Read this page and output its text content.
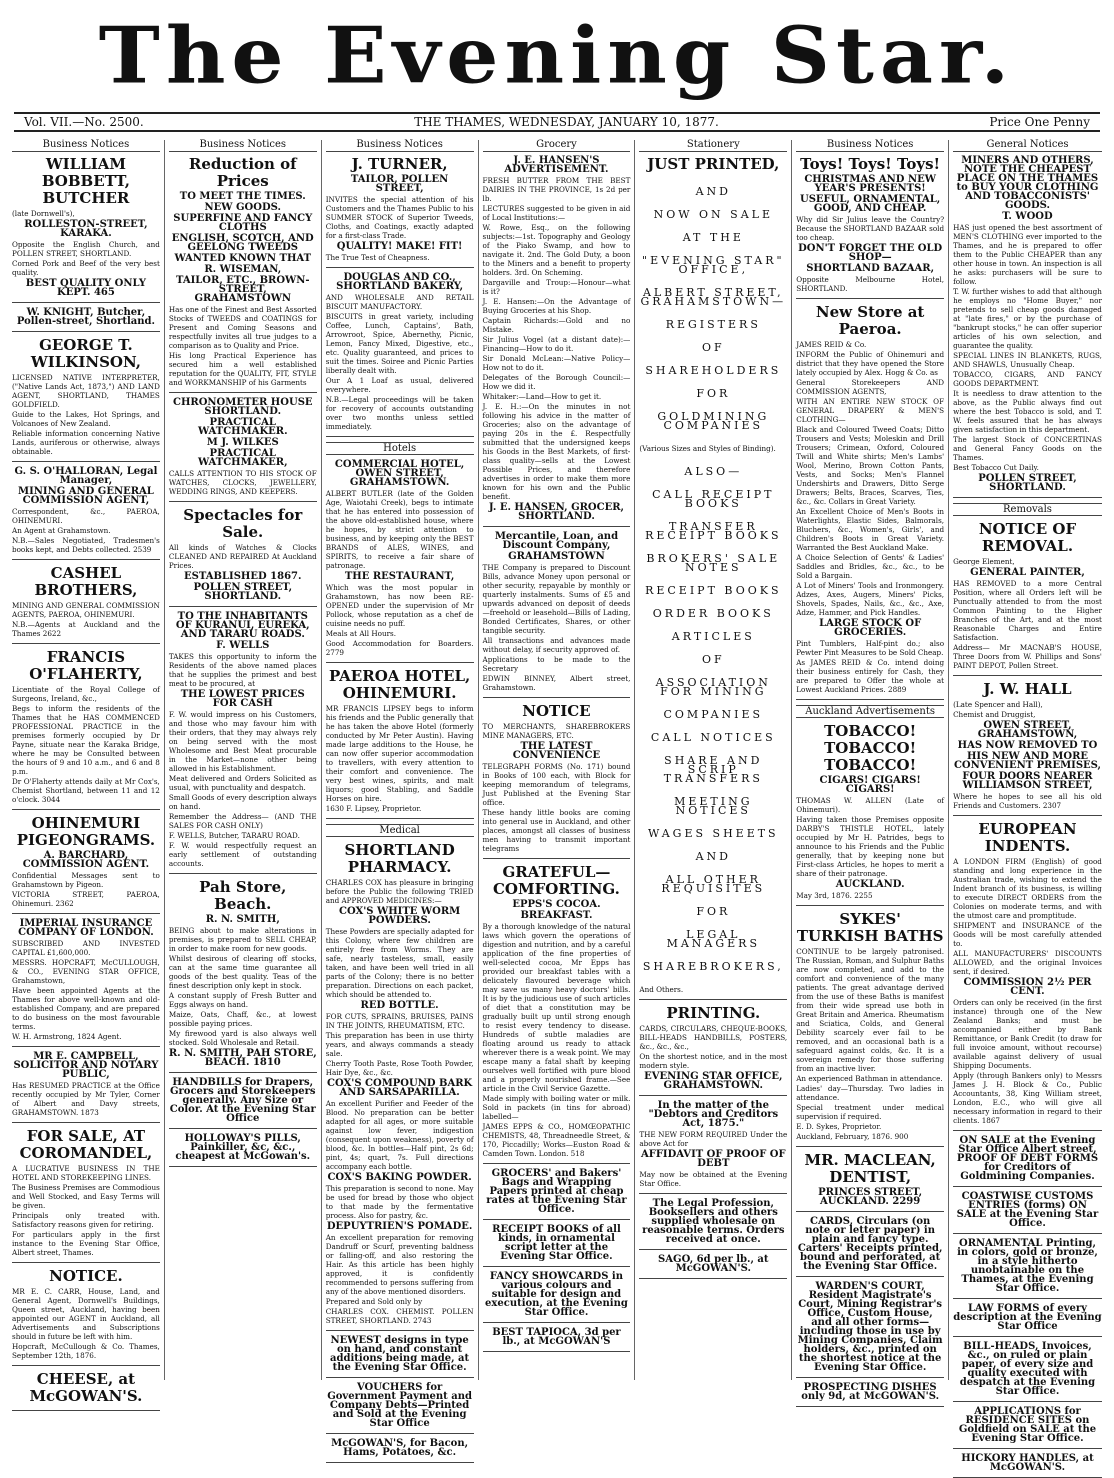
The Evening Star.
Vol. VII.—No. 2500.	THE THAMES, WEDNESDAY, JANUARY 10, 1877.	Price One Penny
Business Notices

WILLIAM BOBBETT, BUTCHER

(late Dornwell's),

ROLLESTON-STREET, KARAKA.

Opposite the English Church, and POLLEN STREET, SHORTLAND.

Corned Pork and Beef of the very best quality.

BEST QUALITY ONLY KEPT. 465

W. KNIGHT, Butcher, Pollen-street, Shortland.

GEORGE T. WILKINSON,

LICENSED NATIVE INTERPRETER, ("Native Lands Act, 1873,") AND LAND AGENT, SHORTLAND, THAMES GOLDFIELD.

Guide to the Lakes, Hot Springs, and Volcanoes of New Zealand.

Reliable information concerning Native Lands, auriferous or otherwise, always obtainable.

G. S. O'HALLORAN, Legal Manager,

MINING AND GENERAL COMMISSION AGENT,

Correspondent, &c., PAEROA, OHINEMURI.

An Agent at Grahamstown.

N.B.—Sales Negotiated, Tradesmen's books kept, and Debts collected. 2539

CASHEL BROTHERS,

MINING AND GENERAL COMMISSION AGENTS, PAEROA, OHINEMURI.

N.B.—Agents at Auckland and the Thames 2622

FRANCIS O'FLAHERTY,

Licentiate of the Royal College of Surgeons, Ireland, &c.,

Begs to inform the residents of the Thames that he HAS COMMENCED PROFESSIONAL PRACTICE in the premises formerly occupied by Dr Payne, situate near the Karaka Bridge, where he may be Consulted between the hours of 9 and 10 a.m., and 6 and 8 p.m.

Dr O'Flaherty attends daily at Mr Cox's, Chemist Shortland, between 11 and 12 o'clock. 3044

OHINEMURI PIGEONGRAMS.

A. BARCHARD, COMMISSION AGENT.

Confidential Messages sent to Grahamstown by Pigeon.

VICTORIA STREET, PAEROA, Ohinemuri. 2362

IMPERIAL INSURANCE COMPANY OF LONDON.

SUBSCRIBED AND INVESTED CAPITAL £1,600,000.

MESSRS. HOPCRAFT, McCULLOUGH, & CO., EVENING STAR OFFICE, Grahamstown,

Have been appointed Agents at the Thames for above well-known and old-established Company, and are prepared to do business on the most favourable terms.

W. H. Armstrong, 1824 Agent.

MR E. CAMPBELL, SOLICITOR AND NOTARY PUBLIC,

Has RESUMED PRACTICE at the Office recently occupied by Mr Tyler, Corner of Albert and Davy streets, GRAHAMSTOWN. 1873

FOR SALE, AT COROMANDEL,

A LUCRATIVE BUSINESS IN THE HOTEL AND STOREKEEPING LINES.

The Business Premises are Commodious and Well Stocked, and Easy Terms will be given.

Principals only treated with. Satisfactory reasons given for retiring.

For particulars apply in the first instance to the Evening Star Office, Albert street, Thames.

NOTICE.

MR E. C. CARR, House, Land, and General Agent, Dornwell's Buildings, Queen street, Auckland, having been appointed our AGENT in Auckland, all Advertisements and Subscriptions should in future be left with him.

Hopcraft, McCullough & Co. Thames, September 12th, 1876.

CHEESE, at McGOWAN'S.

Business Notices

Reduction of Prices

TO MEET THE TIMES.

NEW GOODS.

SUPERFINE AND FANCY CLOTHS

ENGLISH, SCOTCH, AND GEELONG TWEEDS

WANTED KNOWN THAT

R. WISEMAN,

TAILOR, ETC., BROWN-STREET, GRAHAMSTOWN

Has one of the Finest and Best Assorted Stocks of TWEEDS and COATINGS for Present and Coming Seasons and respectfully invites all true judges to a comparison as to Quality and Price.

His long Practical Experience has secured him a well established reputation for the QUALITY, FIT, STYLE and WORKMANSHIP of his Garments

CHRONOMETER HOUSE SHORTLAND.

PRACTICAL WATCHMAKER.

M J. WILKES

PRACTICAL WATCHMAKER,

CALLS ATTENTION TO HIS STOCK OF WATCHES, CLOCKS, JEWELLERY, WEDDING RINGS, AND KEEPERS.

Spectacles for Sale.

All kinds of Watches & Clocks CLEANED AND REPAIRED At Auckland Prices.

ESTABLISHED 1867.

POLLEN STREET, SHORTLAND.

TO THE INHABITANTS OF KURANUI, EUREKA, AND TARARU ROADS.

F. WELLS

TAKES this opportunity to inform the Residents of the above named places that he supplies the primest and best meat to be procured, at

THE LOWEST PRICES FOR CASH

F. W. would impress on his Customers, and those who may favour him with their orders, that they may always rely on being served with the most Wholesome and Best Meat procurable in the Market—none other being allowed in his Establishment.

Meat delivered and Orders Solicited as usual, with punctuality and despatch.

Small Goods of every description always on hand.

Remember the Address— (AND THE SALES FOR CASH ONLY)

F. WELLS, Butcher, TARARU ROAD.

F. W. would respectfully request an early settlement of outstanding accounts.

Pah Store, Beach.

R. N. SMITH,

BEING about to make alterations in premises, is prepared to SELL CHEAP, in order to make room for new goods.

Whilst desirous of clearing off stocks, can at the same time guarantee all goods of the best quality. Teas of the finest description only kept in stock.

A constant supply of Fresh Butter and Eggs always on hand.

Maize, Oats, Chaff, &c., at lowest possible paying prices.

My firewood yard is also always well stocked. Sold Wholesale and Retail.

R. N. SMITH, PAH STORE, BEACH. 1810

HANDBILLS for Drapers, Grocers and Storekeepers generally. Any Size or Color. At the Evening Star Office

HOLLOWAY'S PILLS, Painkiller, &c, &c., cheapest at McGowan's.

Business Notices

J. TURNER,

TAILOR, POLLEN STREET,

INVITES the special attention of his Customers and the Thames Public to his SUMMER STOCK of Superior Tweeds, Cloths, and Coatings, exactly adapted for a first-class Trade.

QUALITY! MAKE! FIT!

The True Test of Cheapness.

DOUGLAS AND CO., SHORTLAND BAKERY,

AND WHOLESALE AND RETAIL BISCUIT MANUFACTORY.

BISCUITS in great variety, including Coffee, Lunch, Captains', Bath, Arrowroot, Spice, Abernethy, Picnic, Lemon, Fancy Mixed, Digestive, etc., etc. Quality guaranteed, and prices to suit the times. Soiree and Picnic Parties liberally dealt with.

Our A 1 Loaf as usual, delivered everywhere.

N.B.—Legal proceedings will be taken for recovery of accounts outstanding over two months unless settled immediately.

Hotels

COMMERCIAL HOTEL, OWEN STREET, GRAHAMSTOWN.

ALBERT BUTLER (late of the Golden Age, Waiotahi Creek), begs to intimate that he has entered into possession of the above old-established house, where he hopes, by strict attention to business, and by keeping only the BEST BRANDS of ALES, WINES, and SPIRITS, to receive a fair share of patronage.

THE RESTAURANT,

Which was the most popular in Grahamstown, has now been RE-OPENED under the supervision of Mr Pollock, whose reputation as a chef de cuisine needs no puff.

Meals at All Hours.

Good Accommodation for Boarders. 2779

PAEROA HOTEL, OHINEMURI.

MR FRANCIS LIPSEY begs to inform his friends and the Public generally that he has taken the above Hotel (formerly conducted by Mr Peter Austin). Having made large additions to the House, he can now offer superior accommodation to travellers, with every attention to their comfort and convenience. The very best wines, spirits, and malt liquors; good Stabling, and Saddle Horses on hire.

1630 F. Lipsey, Proprietor.

Medical

SHORTLAND PHARMACY.

CHARLES COX has pleasure in bringing before the Public the following TRIED and APPROVED MEDICINES:—

COX'S WHITE WORM POWDERS.

These Powders are specially adapted for this Colony, where few children are entirely free from Worms. They are safe, nearly tasteless, small, easily taken, and have been well tried in all parts of the Colony; there is no better preparation. Directions on each packet, which should be attended to.

RED BOTTLE.

FOR CUTS, SPRAINS, BRUISES, PAINS IN THE JOINTS, RHEUMATISM, ETC.

This preparation has been in use thirty years, and always commands a steady sale.

Cherry Tooth Paste, Rose Tooth Powder, Hair Dye, &c., &c.

COX'S COMPOUND BARK AND SARSAPARILLA.

An excellent Purifier and Feeder of the Blood. No preparation can be better adapted for all ages, or more suitable against low fever, indigestion (consequent upon weakness), poverty of blood, &c. In bottles—Half pint, 2s 6d; pint, 4s; quart, 7s. Full directions accompany each bottle.

COX'S BAKING POWDER.

This preparation is second to none. May be used for bread by those who object to that made by the fermentative process. Also for pastry, &c.

DEPUYTRIEN'S POMADE.

An excellent preparation for removing Dandruff or Scurf, preventing baldness or falling-off, and also restoring the Hair. As this article has been highly approved, it is confidently recommended to persons suffering from any of the above mentioned disorders.

Prepared and Sold only by

CHARLES COX. CHEMIST. POLLEN STREET, SHORTLAND. 2743

NEWEST designs in type on hand, and constant additions being made, at the Evening Star Office.

VOUCHERS for Government Payment and Company Debts—Printed and Sold at the Evening Star Office

McGOWAN'S, for Bacon, Hams, Potatoes, &c.

Grocery

J. E. HANSEN'S ADVERTISEMENT.

FRESH BUTTER FROM THE BEST DAIRIES IN THE PROVINCE, 1s 2d per lb.

LECTURES suggested to be given in aid of Local Institutions:—

W. Rowe, Esq., on the following subjects:—1st. Topography and Geology of the Piako Swamp, and how to navigate it. 2nd. The Gold Duty, a boon to the Miners and a benefit to property holders. 3rd. On Scheming.

Dargaville and Troup:—Honour—what is it?

J. E. Hansen:—On the Advantage of Buying Groceries at his Shop.

Captain Richards:—Gold and no Mistake.

Sir Julius Vogel (at a distant date):—Financing—How to do it.

Sir Donald McLean:—Native Policy—How not to do it.

Delegates of the Borough Council:—How we did it.

Whitaker:—Land—How to get it.

J. E. H.:—On the minutes in not following his advice in the matter of Groceries; also on the advantage of paying 20s in the £. Respectfully submitted that the undersigned keeps his Goods in the Best Markets, of first-class quality—sells at the Lowest Possible Prices, and therefore advertises in order to make them more known for his own and the Public benefit.

J. E. HANSEN, GROCER, SHORTLAND.

Mercantile, Loan, and Discount Company,

GRAHAMSTOWN

THE Company is prepared to Discount Bills, advance Money upon personal or other security, repayable by monthly or quarterly instalments. Sums of £5 and upwards advanced on deposit of deeds—freehold or leasehold—Bills of Lading, Bonded Certificates, Shares, or other tangible security.

All transactions and advances made without delay, if security approved of.

Applications to be made to the Secretary

EDWIN BINNEY, Albert street, Grahamstown.

NOTICE

TO MERCHANTS, SHAREBROKERS MINE MANAGERS, ETC.

THE LATEST CONVENIENCE

TELEGRAPH FORMS (No. 171) bound in Books of 100 each, with Block for keeping memorandum of telegrams, Just Published at the Evening Star office.

These handy little books are coming into general use in Auckland, and other places, amongst all classes of business men having to transmit important telegrams

GRATEFUL—COMFORTING.

EPPS'S COCOA.

BREAKFAST.

By a thorough knowledge of the natural laws which govern the operations of digestion and nutrition, and by a careful application of the fine properties of well-selected cocoa, Mr Epps has provided our breakfast tables with a delicately flavoured beverage which may save us many heavy doctors' bills. It is by the judicious use of such articles of diet that a constitution may be gradually built up until strong enough to resist every tendency to disease. Hundreds of subtle maladies are floating around us ready to attack wherever there is a weak point. We may escape many a fatal shaft by keeping ourselves well fortified with pure blood and a properly nourished frame.—See article in the Civil Service Gazette.

Made simply with boiling water or milk. Sold in packets (in tins for abroad) labelled—

JAMES EPPS & CO., HOMŒOPATHIC CHEMISTS, 48, Threadneedle Street, & 170, Piccadilly; Works—Euston Road & Camden Town. London. 518

GROCERS' and Bakers' Bags and Wrapping Papers printed at cheap rates at the Evening Star Office.

RECEIPT BOOKS of all kinds, in ornamental script letter at the Evening Star Office.

FANCY SHOWCARDS in various colours and suitable for design and execution, at the Evening Star Office.

BEST TAPIOCA, 3d per lb., at McGOWAN'S

Stationery

JUST PRINTED,

AND

NOW ON SALE

AT THE

"EVENING STAR" OFFICE,

ALBERT STREET, GRAHAMSTOWN—

REGISTERS

OF

SHAREHOLDERS

FOR

GOLDMINING COMPANIES

(Various Sizes and Styles of Binding).

ALSO—

CALL RECEIPT BOOKS

TRANSFER RECEIPT BOOKS

BROKERS' SALE NOTES

RECEIPT BOOKS

ORDER BOOKS

ARTICLES

OF

ASSOCIATION FOR MINING

COMPANIES

CALL NOTICES

SHARE AND SCRIP TRANSFERS

MEETING NOTICES

WAGES SHEETS

AND

ALL OTHER REQUISITES

FOR

LEGAL MANAGERS

SHAREBROKERS,

And Others.

PRINTING.

CARDS, CIRCULARS, CHEQUE-BOOKS, BILL-HEADS HANDBILLS, POSTERS, &c., &c., &c.,

On the shortest notice, and in the most modern style.

EVENING STAR OFFICE, GRAHAMSTOWN.

In the matter of the "Debtors and Creditors Act, 1875."

THE NEW FORM REQUIRED Under the above Act for

AFFIDAVIT OF PROOF OF DEBT

May now be obtained at the Evening Star Office.

The Legal Profession, Booksellers and others supplied wholesale on reasonable terms. Orders received at once.

SAGO, 6d per lb., at McGOWAN'S.

Business Notices

Toys! Toys! Toys!

CHRISTMAS AND NEW YEAR'S PRESENTS!

USEFUL, ORNAMENTAL, GOOD, AND CHEAP.

Why did Sir Julius leave the Country? Because the SHORTLAND BAZAAR sold too cheap.

DON'T FORGET THE OLD SHOP—

SHORTLAND BAZAAR,

Opposite Melbourne Hotel, SHORTLAND.

New Store at Paeroa.

JAMES REID & Co.

INFORM the Public of Ohinemuri and district that they have opened the Store lately occupied by Alex. Hogg & Co. as

General Storekeepers AND COMMISSION AGENTS,

WITH AN ENTIRE NEW STOCK OF GENERAL DRAPERY & MEN'S CLOTHING—

Black and Coloured Tweed Coats; Ditto Trousers and Vests; Moleskin and Drill Trousers; Crimean, Oxford, Coloured Twill and White shirts; Men's Lambs' Wool, Merino, Brown Cotton Pants, Vests, and Socks; Men's Flannel Undershirts and Drawers, Ditto Serge Drawers; Belts, Braces, Scarves, Ties, &c., &c. Collars in Great Variety.

An Excellent Choice of Men's Boots in Waterlights, Elastic Sides, Balmorals, Bluchers, &c., Women's, Girls', and Children's Boots in Great Variety. Warranted the Best Auckland Make.

A Choice Selection of Gents' & Ladies' Saddles and Bridles, &c., &c., to be Sold a Bargain.

A Lot of Miners' Tools and Ironmongery. Adzes, Axes, Augers, Miners' Picks, Shovels, Spades, Nails, &c., &c., Axe, Adze, Hammer, and Pick Handles.

LARGE STOCK OF GROCERIES.

Pint Tumblers, Half-pint do.; also Pewter Pint Measures to be Sold Cheap.

As JAMES REID & Co. intend doing their business entirely for Cash, they are prepared to Offer the whole at Lowest Auckland Prices. 2889

Auckland Advertisements

TOBACCO! TOBACCO! TOBACCO!

CIGARS! CIGARS! CIGARS!

THOMAS W. ALLEN (Late of Ohinemuri).

Having taken those Premises opposite DARBY'S THISTLE HOTEL, lately occupied by Mr H. Patrides, begs to announce to his Friends and the Public generally, that by keeping none but First-class Articles, he hopes to merit a share of their patronage.

AUCKLAND.

May 3rd, 1876. 2255

SYKES' TURKISH BATHS

CONTINUE to be largely patronised. The Russian, Roman, and Sulphur Baths are now completed, and add to the comfort and convenience of the many patients. The great advantage derived from the use of these Baths is manifest from their wide spread use both in Great Britain and America. Rheumatism and Sciatica, Colds, and General Debility scarcely ever fail to be removed, and an occasional bath is a safeguard against colds, &c. It is a sovereign remedy for those suffering from an inactive liver.

An experienced Bathman in attendance.

Ladies' day—Thursday. Two ladies in attendance.

Special treatment under medical supervision if required.

E. D. Sykes, Proprietor.

Auckland, February, 1876. 900

MR. MACLEAN, DENTIST,

PRINCES STREET, AUCKLAND. 2299

CARDS, Circulars (on note or letter paper) in plain and fancy type. Carters' Receipts printed, bound and perforated, at the Evening Star Office.

WARDEN'S COURT, Resident Magistrate's Court, Mining Registrar's Office, Custom House, and all other forms—including those in use by Mining Companies, Claim holders, &c., printed on the shortest notice at the Evening Star Office.

PROSPECTING DISHES only 9d, at McGOWAN'S.

General Notices

MINERS AND OTHERS, NOTE THE CHEAPEST PLACE ON THE THAMES to BUY YOUR CLOTHING AND TOBACCONISTS' GOODS.

T. WOOD

HAS just opened the best assortment of MEN'S CLOTHING ever imported to the Thames, and he is prepared to offer them to the Public CHEAPER than any other house in town. An inspection is all he asks: purchasers will be sure to follow.

T. W. further wishes to add that although he employs no "Home Buyer," nor pretends to sell cheap goods damaged at "late fires," or by the purchase of "bankrupt stocks," he can offer superior articles of his own selection, and guarantee the quality.

SPECIAL LINES IN BLANKETS, RUGS, AND SHAWLS, Unusually Cheap.

TOBACCO, CIGARS, AND FANCY GOODS DEPARTMENT.

It is needless to draw attention to the above, as the Public always find out where the best Tobacco is sold, and T. W. feels assured that he has always given satisfaction in this department.

The largest Stock of CONCERTINAS and General Fancy Goods on the Thames.

Best Tobacco Cut Daily.

POLLEN STREET, SHORTLAND.

Removals

NOTICE OF REMOVAL.

George Element,

GENERAL PAINTER,

HAS REMOVED to a more Central Position, where all Orders left will be Punctually attended to from the most Common Painting to the Higher Branches of the Art, and at the most Reasonable Charges and Entire Satisfaction.

Address— Mr MACNAB'S HOUSE, Three Doors from W. Phillips and Sons' PAINT DEPOT, Pollen Street.

J. W. HALL

(Late Spencer and Hall),

Chemist and Druggist,

OWEN STREET, GRAHAMSTOWN,

HAS NOW REMOVED TO

HIS NEW AND MORE CONVENIENT PREMISES,

FOUR DOORS NEARER WILLIAMSON STREET,

Where he hopes to see all his old Friends and Customers. 2307

EUROPEAN INDENTS.

A LONDON FIRM (English) of good standing and long experience in the Australian trade, wishing to extend the Indent branch of its business, is willing to execute DIRECT ORDERS from the Colonies on moderate terms, and with the utmost care and promptitude.

SHIPMENT and INSURANCE of the Goods will be most carefully attended to.

ALL MANUFACTURERS' DISCOUNTS ALLOWED, and the original Invoices sent, if desired.

COMMISSION 2½ PER CENT.

Orders can only be received (in the first instance) through one of the New Zealand Banks; and must be accompanied either by Bank Remittance, or Bank Credit (to draw for full invoice amount, without recourse) available against delivery of usual Shipping Documents.

Apply (through Bankers only) to Messrs James J. H. Block & Co., Public Accountants, 38, King William street, London, E.C., who will give all necessary information in regard to their clients. 1867

ON SALE at the Evening Star Office Albert street, PROOF OF DEBT FORMS for Creditors of Goldmining Companies.

COASTWISE CUSTOMS ENTRIES (forms) ON SALE at the Evening Star Office.

ORNAMENTAL Printing, in colors, gold or bronze, in a style hitherto unobtainable on the Thames, at the Evening Star Office.

LAW FORMS of every description at the Evening Star Office

BILL-HEADS, Invoices, &c., on ruled or plain paper, of every size and quality executed with despatch at the Evening Star Office.

APPLICATIONS for RESIDENCE SITES on Goldfield on SALE at the Evening Star Office.

HICKORY HANDLES, at McGOWAN'S.
